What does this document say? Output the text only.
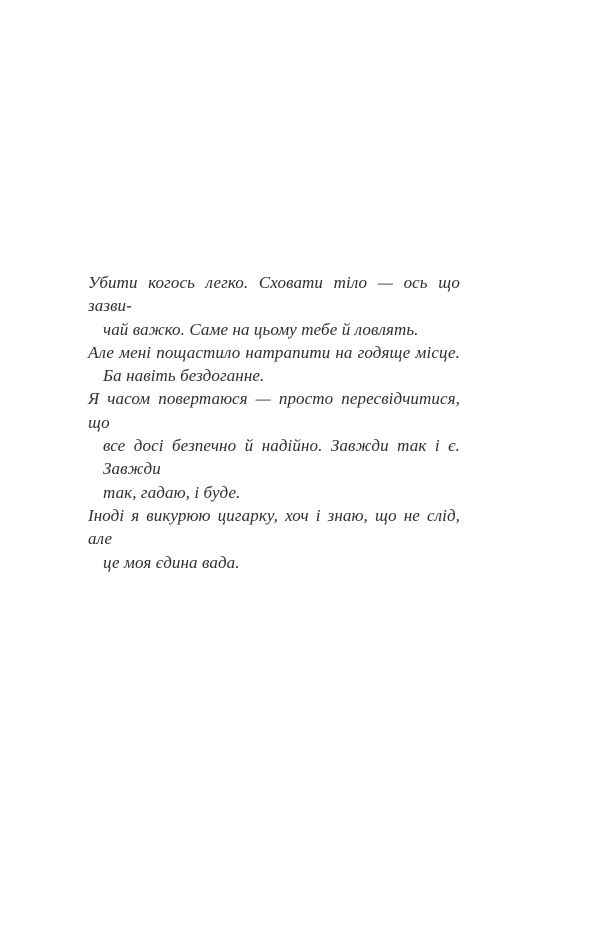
Убити когось легко. Сховати тіло — ось що зазви-
чай важко. Саме на цьому тебе й ловлять.
Але мені пощастило натрапити на годяще місце.
Ба навіть бездоганне.
Я часом повертаюся — просто пересвідчитися, що
все досі безпечно й надійно. Завжди так і є. Завжди
так, гадаю, і буде.
Іноді я викурюю цигарку, хоч і знаю, що не слід, але
це моя єдина вада.
